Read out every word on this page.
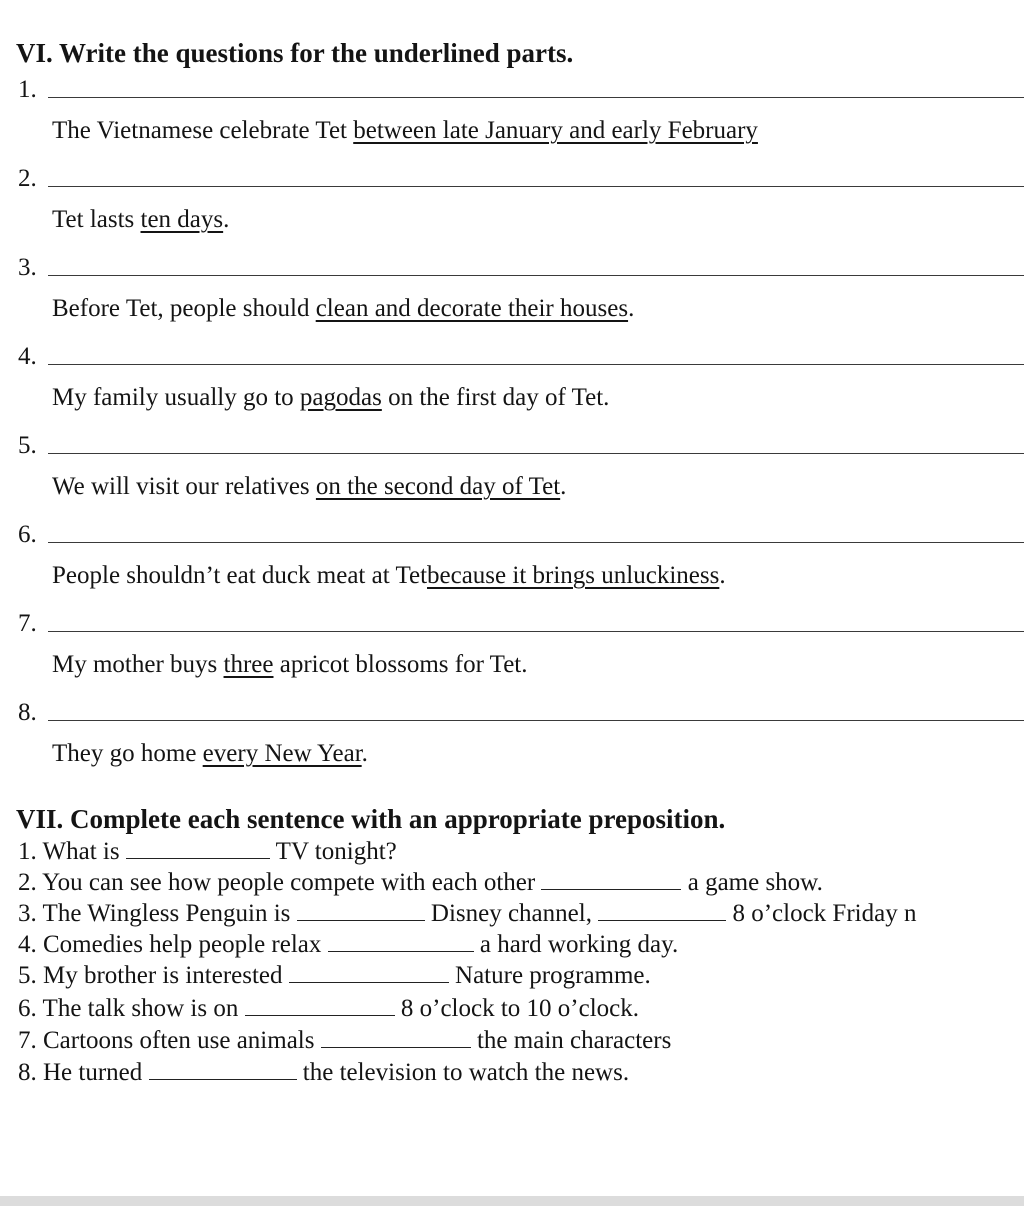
VI. Write the questions for the underlined parts.
1.
The Vietnamese celebrate Tet between late January and early February
2.
Tet lasts ten days.
3.
Before Tet, people should clean and decorate their houses.
4.
My family usually go to pagodas on the first day of Tet.
5.
We will visit our relatives on the second day of Tet.
6.
People shouldn’t eat duck meat at Tetbecause it brings unluckiness.
7.
My mother buys three apricot blossoms for Tet.
8.
They go home every New Year.
VII. Complete each sentence with an appropriate preposition.
1. What is	TV tonight?
2. You can see how people compete with each other	a game show.
3. The Wingless Penguin is	Disney channel,	8 o’clock Friday n
4. Comedies help people relax	a hard working day.
5. My brother is interested	Nature programme.
6. The talk show is on	8 o’clock to 10 o’clock.
7. Cartoons often use animals	the main characters
8. He turned	the television to watch the news.
